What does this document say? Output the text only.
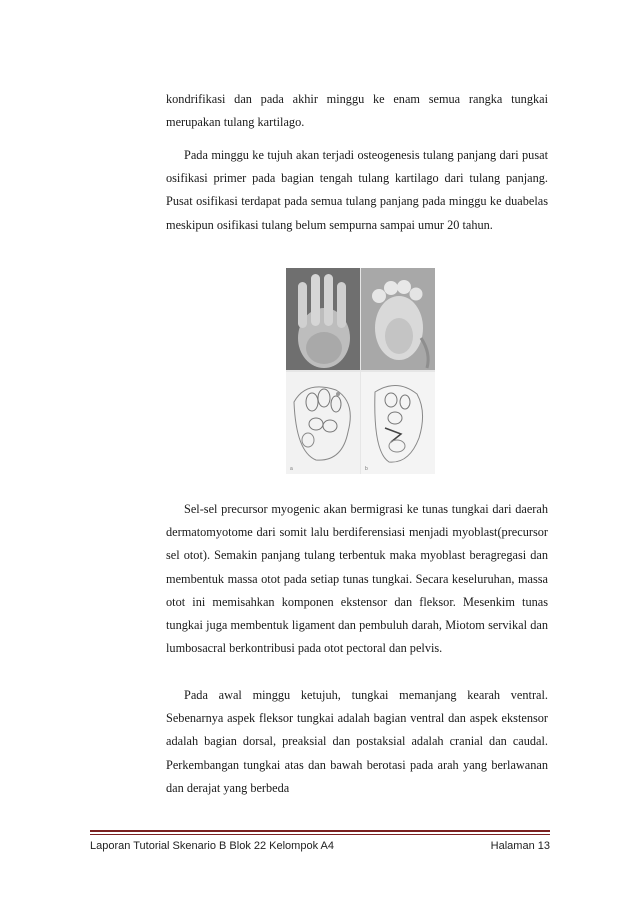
kondrifikasi dan pada akhir minggu ke enam semua rangka tungkai merupakan tulang kartilago.

Pada minggu ke tujuh akan terjadi osteogenesis tulang panjang dari pusat osifikasi primer pada bagian tengah tulang kartilago dari tulang panjang. Pusat osifikasi terdapat pada semua tulang panjang pada minggu ke duabelas meskipun osifikasi tulang belum sempurna sampai umur 20 tahun.

a	b

Sel-sel precursor myogenic akan bermigrasi ke tunas tungkai dari daerah dermatomyotome dari somit lalu berdiferensiasi menjadi myoblast(precursor sel otot). Semakin panjang tulang terbentuk maka myoblast beragregasi dan membentuk massa otot pada setiap tunas tungkai. Secara keseluruhan, massa otot ini memisahkan komponen ekstensor dan fleksor. Mesenkim tunas tungkai juga membentuk ligament dan pembuluh darah, Miotom servikal dan lumbosacral berkontribusi pada otot pectoral dan pelvis.

Pada awal minggu ketujuh, tungkai memanjang kearah ventral. Sebenarnya aspek fleksor tungkai adalah bagian ventral dan aspek ekstensor adalah bagian dorsal, preaksial dan postaksial adalah cranial dan caudal. Perkembangan tungkai atas dan bawah berotasi pada arah yang berlawanan dan derajat yang berbeda

Laporan Tutorial Skenario B Blok 22 Kelompok A4	Halaman 13
